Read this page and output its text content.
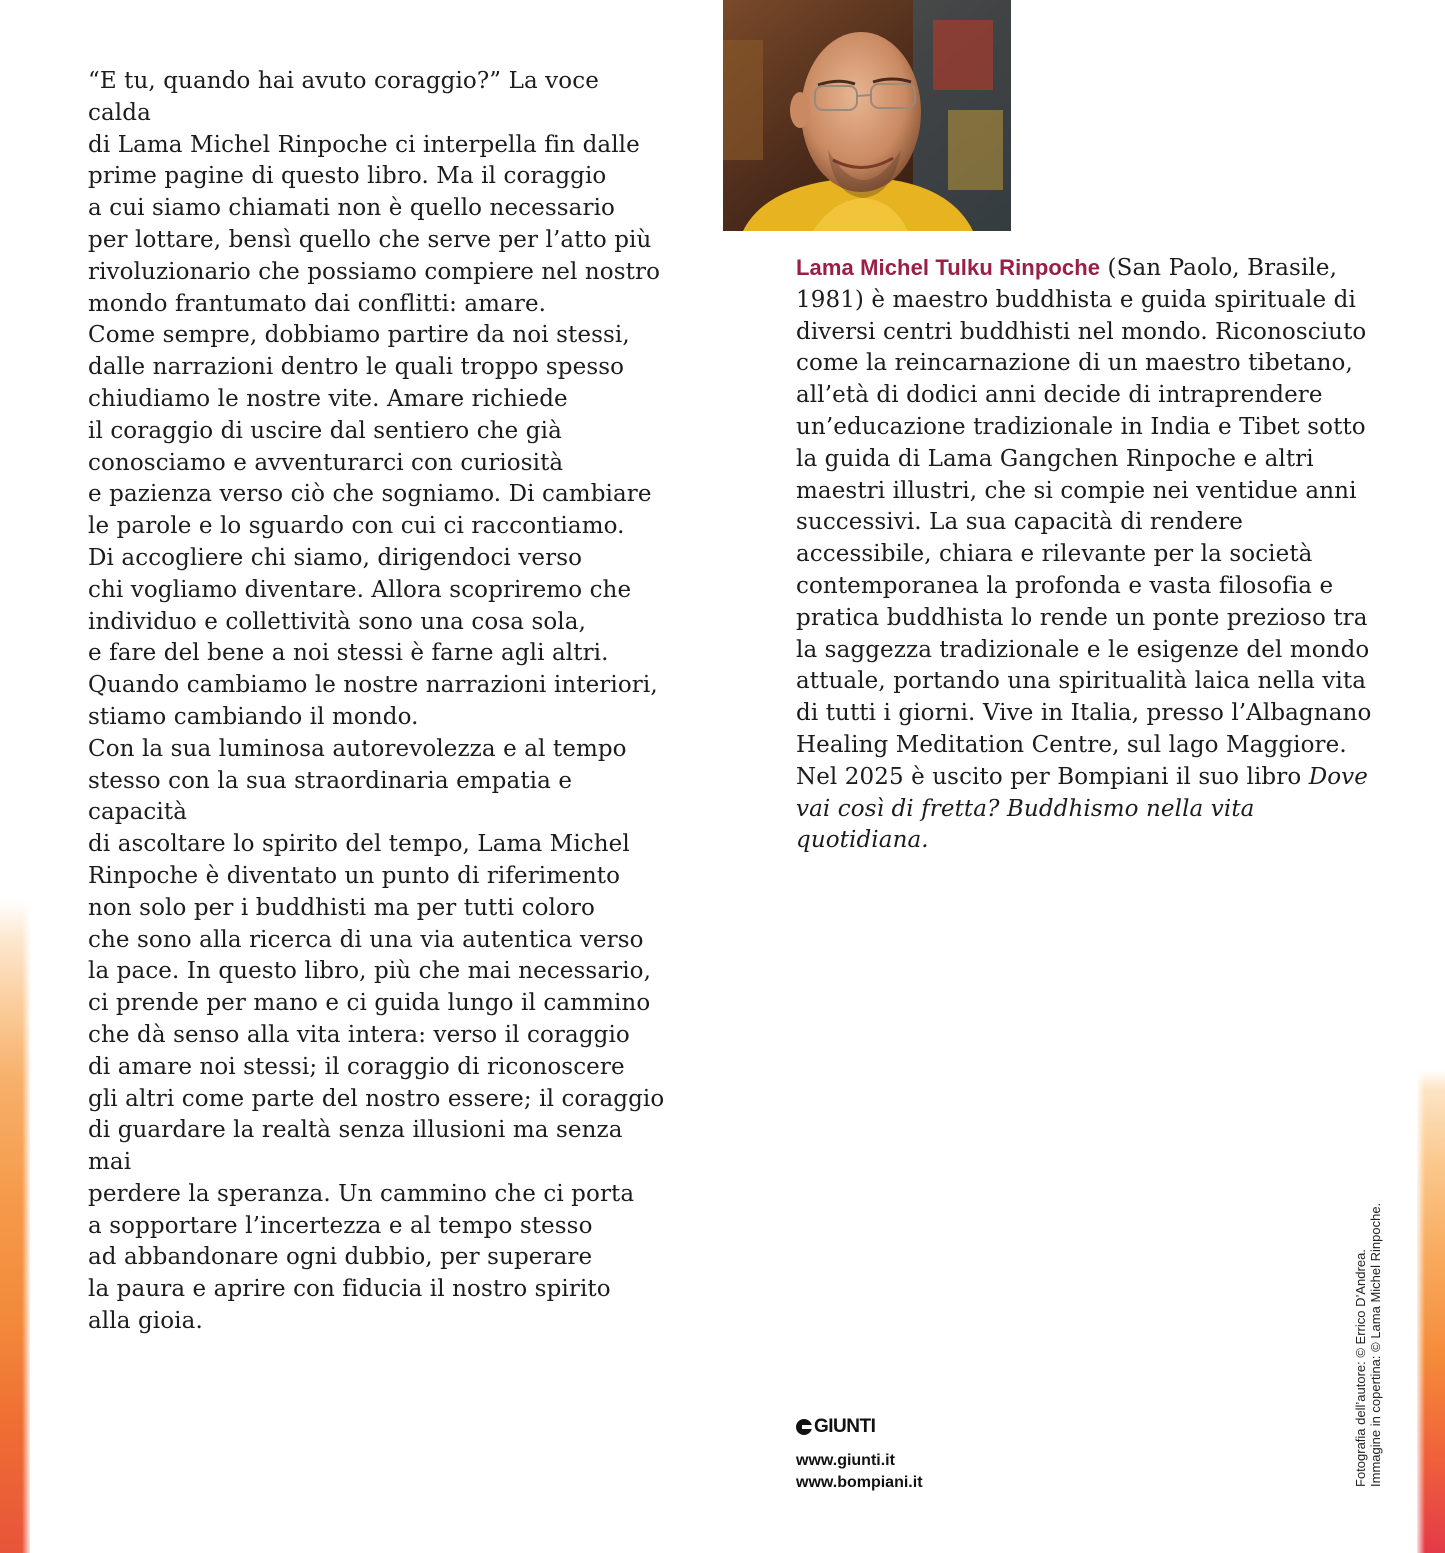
“E tu, quando hai avuto coraggio?” La voce calda
di Lama Michel Rinpoche ci interpella fin dalle
prime pagine di questo libro. Ma il coraggio
a cui siamo chiamati non è quello necessario
per lottare, bensì quello che serve per l’atto più
rivoluzionario che possiamo compiere nel nostro
mondo frantumato dai conflitti: amare.
Come sempre, dobbiamo partire da noi stessi,
dalle narrazioni dentro le quali troppo spesso
chiudiamo le nostre vite. Amare richiede
il coraggio di uscire dal sentiero che già
conosciamo e avventurarci con curiosità
e pazienza verso ciò che sogniamo. Di cambiare
le parole e lo sguardo con cui ci raccontiamo.
Di accogliere chi siamo, dirigendoci verso
chi vogliamo diventare. Allora scopriremo che
individuo e collettività sono una cosa sola,
e fare del bene a noi stessi è farne agli altri.
Quando cambiamo le nostre narrazioni interiori,
stiamo cambiando il mondo.
Con la sua luminosa autorevolezza e al tempo
stesso con la sua straordinaria empatia e capacità
di ascoltare lo spirito del tempo, Lama Michel
Rinpoche è diventato un punto di riferimento
non solo per i buddhisti ma per tutti coloro
che sono alla ricerca di una via autentica verso
la pace. In questo libro, più che mai necessario,
ci prende per mano e ci guida lungo il cammino
che dà senso alla vita intera: verso il coraggio
di amare noi stessi; il coraggio di riconoscere
gli altri come parte del nostro essere; il coraggio
di guardare la realtà senza illusioni ma senza mai
perdere la speranza. Un cammino che ci porta
a sopportare l’incertezza e al tempo stesso
ad abbandonare ogni dubbio, per superare
la paura e aprire con fiducia il nostro spirito
alla gioia.

Lama Michel Tulku Rinpoche (San Paolo, Brasile, 1981) è maestro buddhista e guida spirituale di diversi centri buddhisti nel mondo. Riconosciuto come la reincarnazione di un maestro tibetano, all’età di dodici anni decide di intraprendere un’educazione tradizionale in India e Tibet sotto la guida di Lama Gangchen Rinpoche e altri maestri illustri, che si compie nei ventidue anni successivi. La sua capacità di rendere accessibile, chiara e rilevante per la società contemporanea la profonda e vasta filosofia e pratica buddhista lo rende un ponte prezioso tra la saggezza tradizionale e le esigenze del mondo attuale, portando una spiritualità laica nella vita di tutti i giorni. Vive in Italia, presso l’Albagnano Healing Meditation Centre, sul lago Maggiore. Nel 2025 è uscito per Bompiani il suo libro Dove vai così di fretta? Buddhismo nella vita quotidiana.

GIUNTI
www.giunti.it
www.bompiani.it	Fotografia dell’autore: © Errico D’Andrea. Immagine in copertina: © Lama Michel Rinpoche.
